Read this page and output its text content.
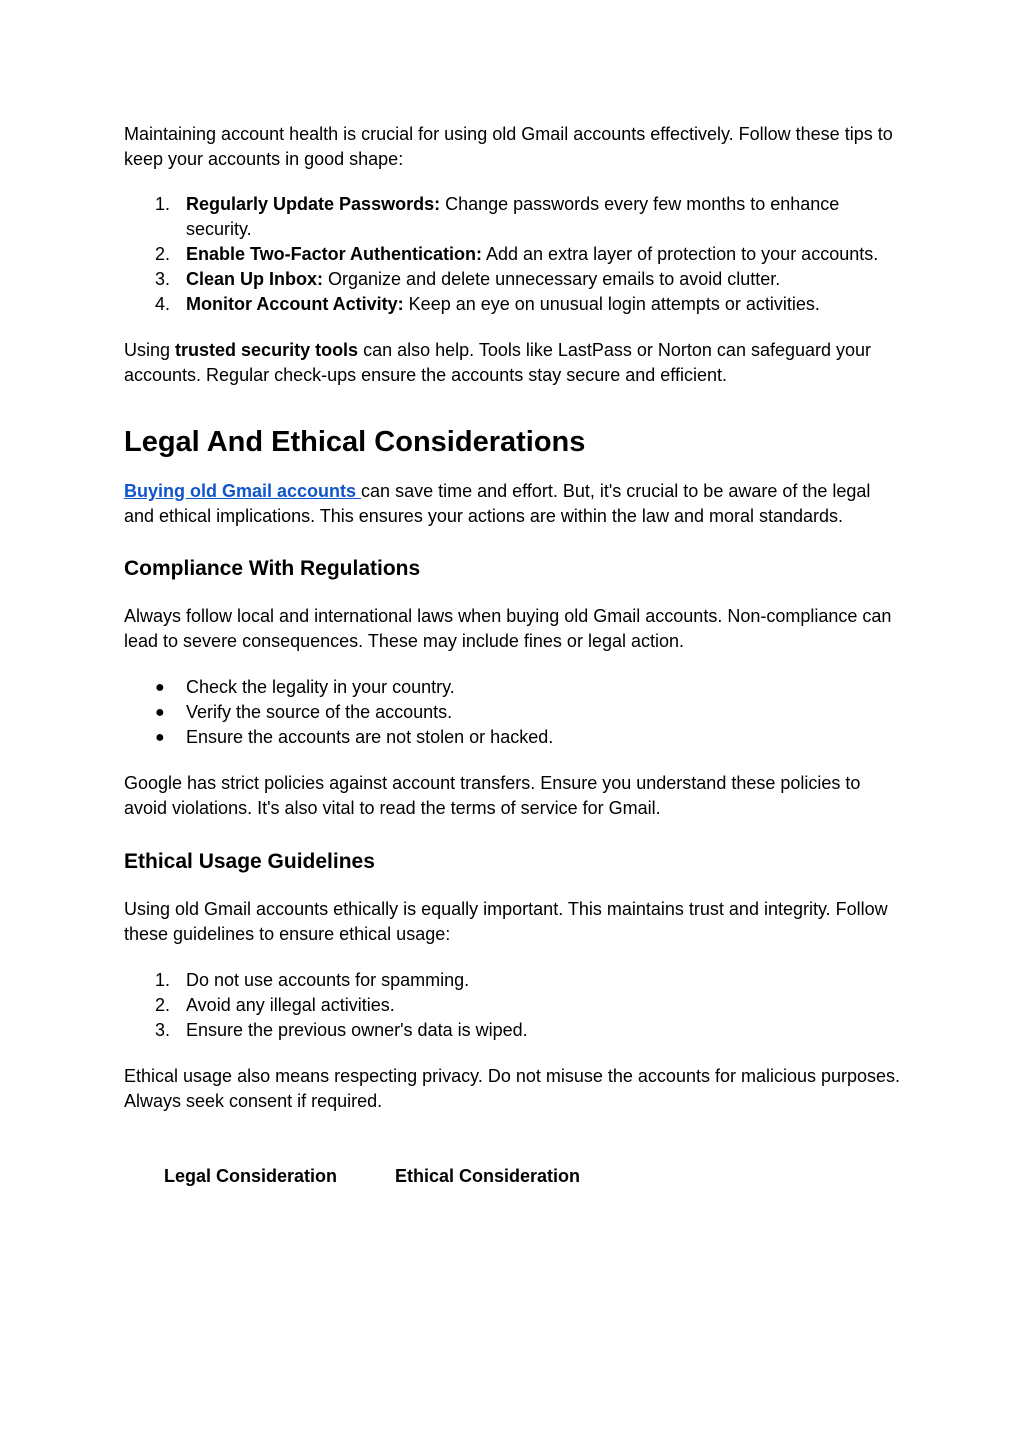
Maintaining account health is crucial for using old Gmail accounts effectively. Follow these tips to keep your accounts in good shape:

1. Regularly Update Passwords: Change passwords every few months to enhance security.
2. Enable Two-Factor Authentication: Add an extra layer of protection to your accounts.
3. Clean Up Inbox: Organize and delete unnecessary emails to avoid clutter.
4. Monitor Account Activity: Keep an eye on unusual login attempts or activities.

Using trusted security tools can also help. Tools like LastPass or Norton can safeguard your accounts. Regular check-ups ensure the accounts stay secure and efficient.

Legal And Ethical Considerations

Buying old Gmail accounts can save time and effort. But, it's crucial to be aware of the legal and ethical implications. This ensures your actions are within the law and moral standards.

Compliance With Regulations

Always follow local and international laws when buying old Gmail accounts. Non-compliance can lead to severe consequences. These may include fines or legal action.

● Check the legality in your country.
● Verify the source of the accounts.
● Ensure the accounts are not stolen or hacked.

Google has strict policies against account transfers. Ensure you understand these policies to avoid violations. It's also vital to read the terms of service for Gmail.

Ethical Usage Guidelines

Using old Gmail accounts ethically is equally important. This maintains trust and integrity. Follow these guidelines to ensure ethical usage:

1. Do not use accounts for spamming.
2. Avoid any illegal activities.
3. Ensure the previous owner's data is wiped.

Ethical usage also means respecting privacy. Do not misuse the accounts for malicious purposes. Always seek consent if required.

Legal Consideration	Ethical Consideration
